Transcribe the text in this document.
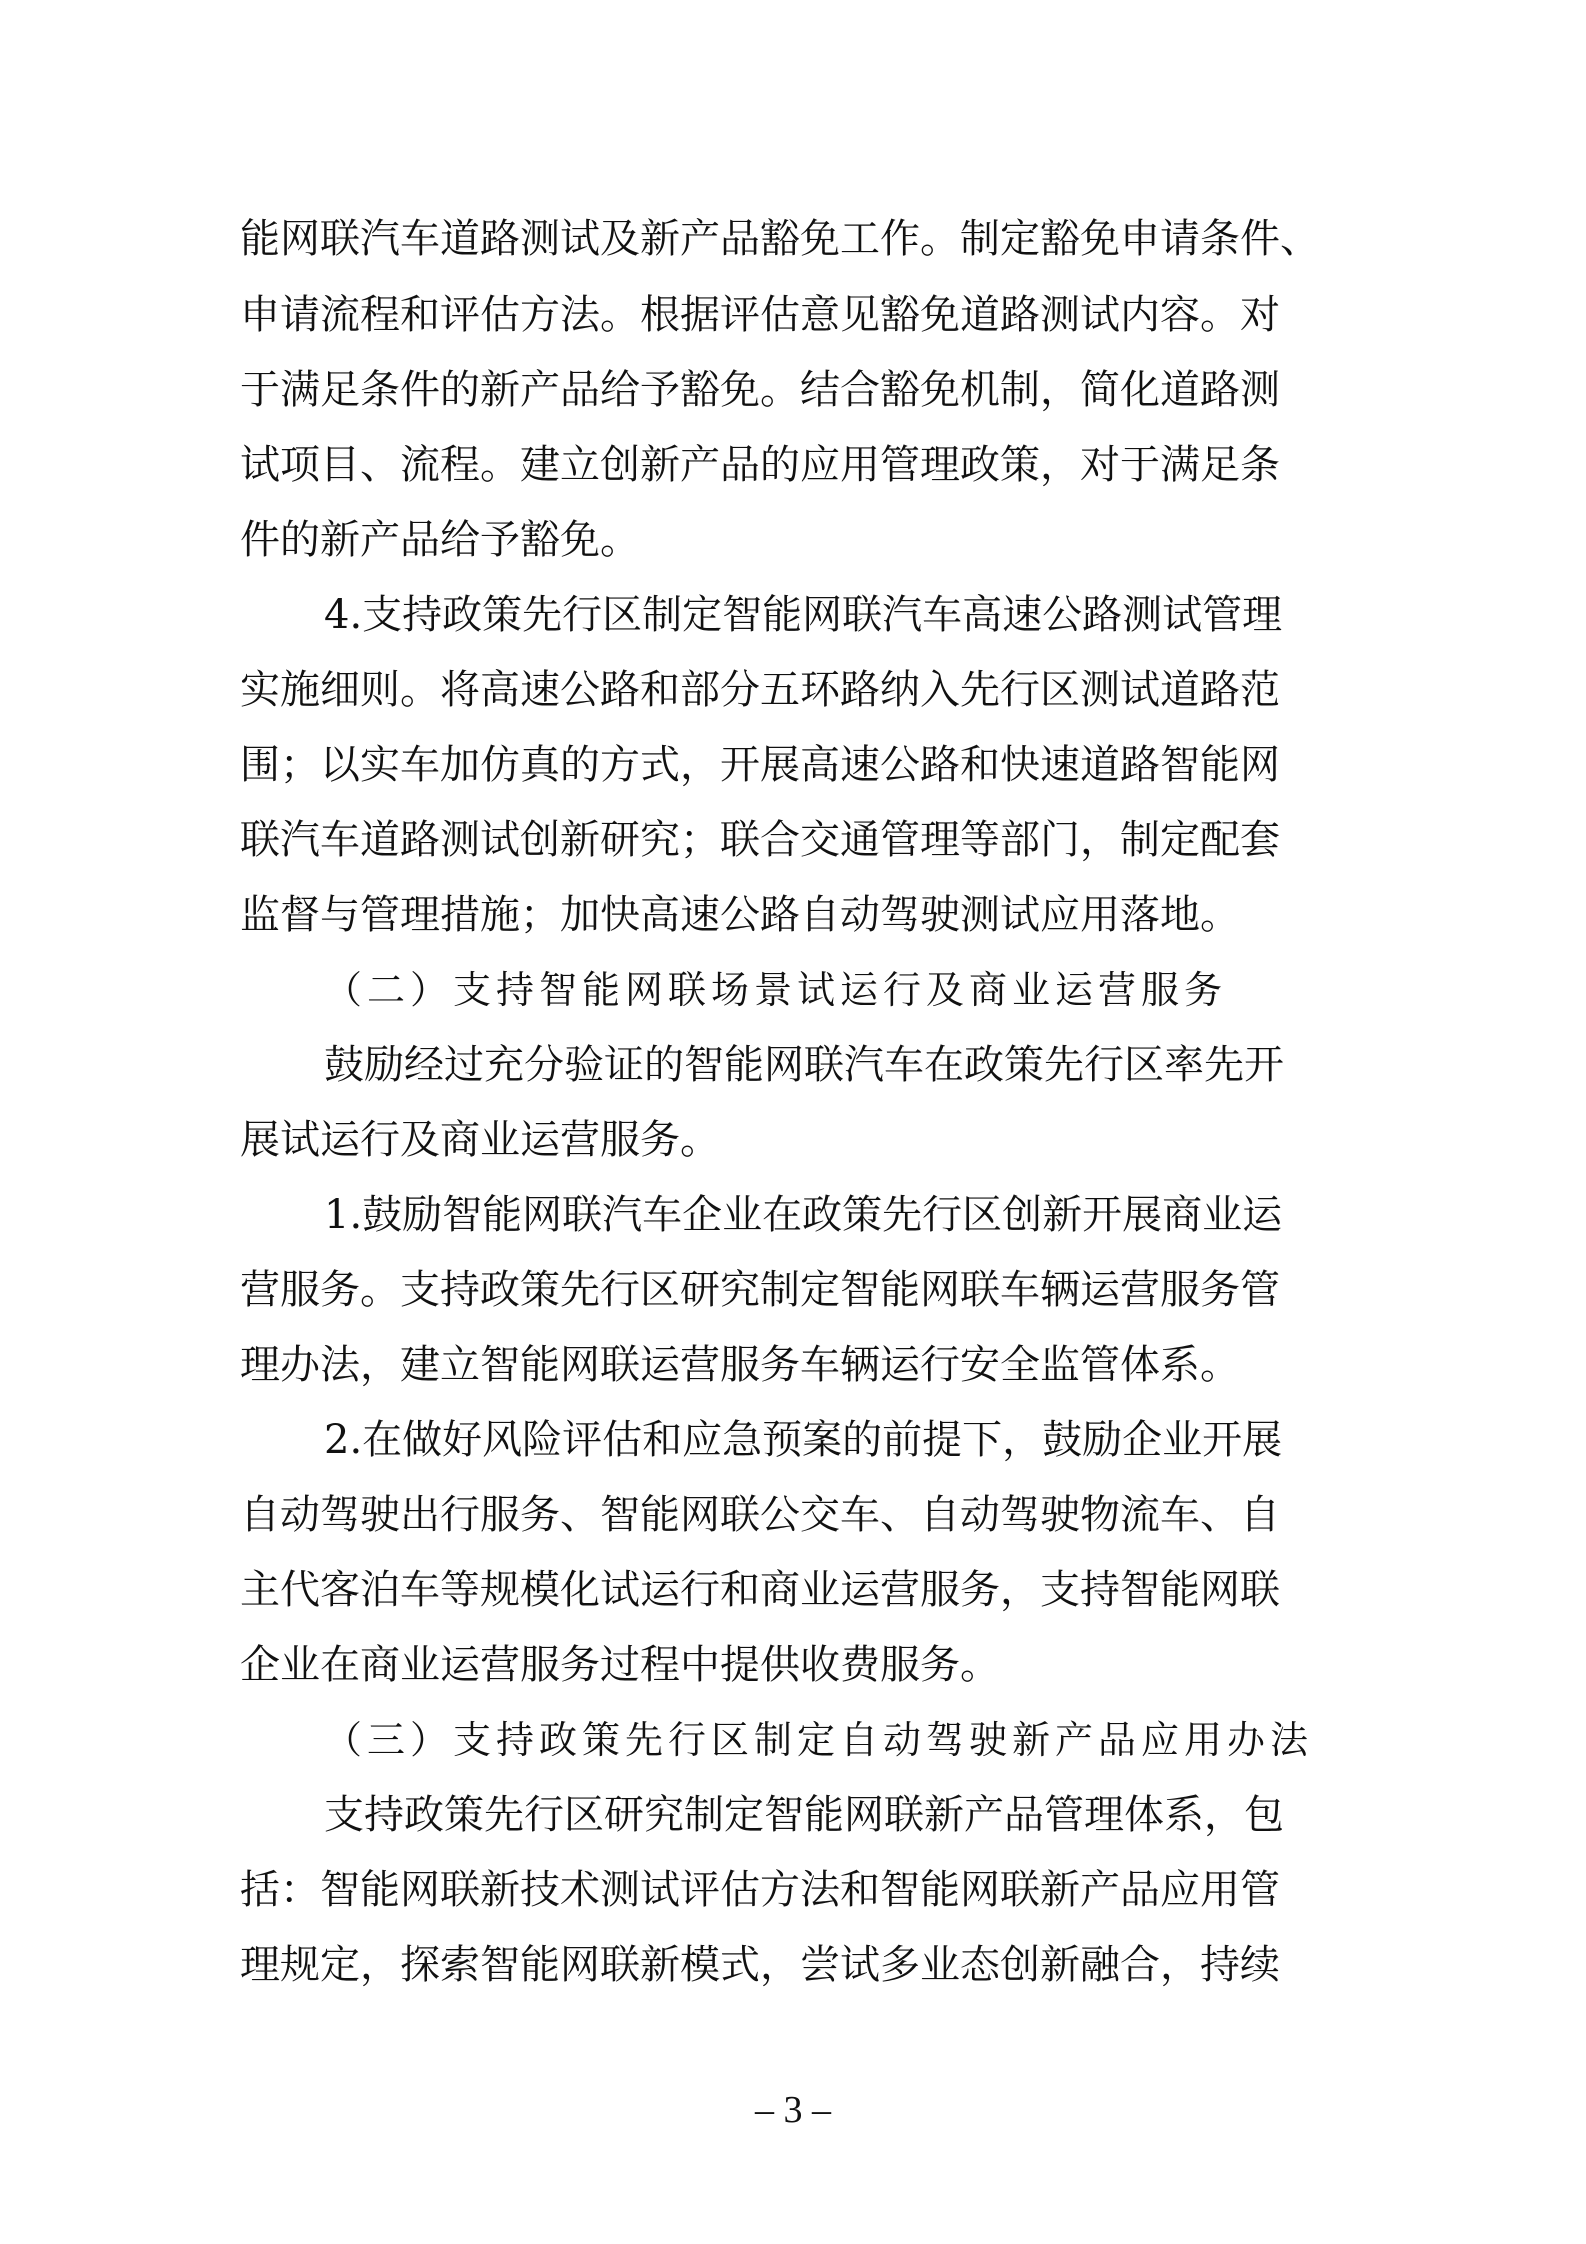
能网联汽车道路测试及新产品豁免工作。制定豁免申请条件、
申请流程和评估方法。根据评估意见豁免道路测试内容。对
于满足条件的新产品给予豁免。结合豁免机制，简化道路测
试项目、流程。建立创新产品的应用管理政策，对于满足条
件的新产品给予豁免。
4.支持政策先行区制定智能网联汽车高速公路测试管理
实施细则。将高速公路和部分五环路纳入先行区测试道路范
围；以实车加仿真的方式，开展高速公路和快速道路智能网
联汽车道路测试创新研究；联合交通管理等部门，制定配套
监督与管理措施；加快高速公路自动驾驶测试应用落地。
（二）支持智能网联场景试运行及商业运营服务
鼓励经过充分验证的智能网联汽车在政策先行区率先开
展试运行及商业运营服务。
1.鼓励智能网联汽车企业在政策先行区创新开展商业运
营服务。支持政策先行区研究制定智能网联车辆运营服务管
理办法，建立智能网联运营服务车辆运行安全监管体系。
2.在做好风险评估和应急预案的前提下，鼓励企业开展
自动驾驶出行服务、智能网联公交车、自动驾驶物流车、自
主代客泊车等规模化试运行和商业运营服务，支持智能网联
企业在商业运营服务过程中提供收费服务。
（三）支持政策先行区制定自动驾驶新产品应用办法
支持政策先行区研究制定智能网联新产品管理体系，包
括：智能网联新技术测试评估方法和智能网联新产品应用管
理规定，探索智能网联新模式，尝试多业态创新融合，持续
– 3 –
